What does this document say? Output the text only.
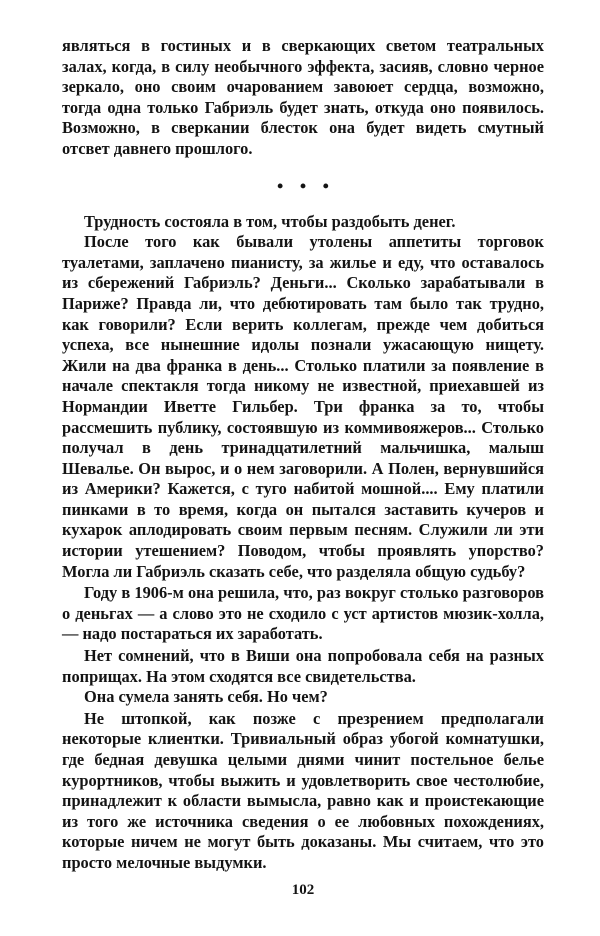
являться в гостиных и в сверкающих светом театральных залах, когда, в силу необычного эффекта, засияв, словно черное зеркало, оно своим очарованием завоюет сердца, возможно, тогда одна только Габриэль будет знать, откуда оно появилось. Возможно, в сверкании блесток она будет видеть смутный отсвет давнего прошлого.

• • •

Трудность состояла в том, чтобы раздобыть денег.

После того как бывали утолены аппетиты торговок туалетами, заплачено пианисту, за жилье и еду, что оставалось из сбережений Габриэль? Деньги... Сколько зарабатывали в Париже? Правда ли, что дебютировать там было так трудно, как говорили? Если верить коллегам, прежде чем добиться успеха, все нынешние идолы познали ужасающую нищету. Жили на два франка в день... Столько платили за появление в начале спектакля тогда никому не известной, приехавшей из Нормандии Иветте Гильбер. Три франка за то, чтобы рассмешить публику, состоявшую из коммивояжеров... Столько получал в день тринадцатилетний мальчишка, малыш Шевалье. Он вырос, и о нем заговорили. А Полен, вернувшийся из Америки? Кажется, с туго набитой мошной.... Ему платили пинками в то время, когда он пытался заставить кучеров и кухарок аплодировать своим первым песням. Служили ли эти истории утешением? Поводом, чтобы проявлять упорство? Могла ли Габриэль сказать себе, что разделяла общую судьбу?

Году в 1906-м она решила, что, раз вокруг столько разговоров о деньгах — а слово это не сходило с уст артистов мюзик-холла, — надо постараться их заработать.

Нет сомнений, что в Виши она попробовала себя на разных поприщах. На этом сходятся все свидетельства.

Она сумела занять себя. Но чем?

Не штопкой, как позже с презрением предполагали некоторые клиентки. Тривиальный образ убогой комнатушки, где бедная девушка целыми днями чинит постельное белье курортников, чтобы выжить и удовлетворить свое честолюбие, принадлежит к области вымысла, равно как и проистекающие из того же источника сведения о ее любовных похождениях, которые ничем не могут быть доказаны. Мы считаем, что это просто мелочные выдумки.

102
